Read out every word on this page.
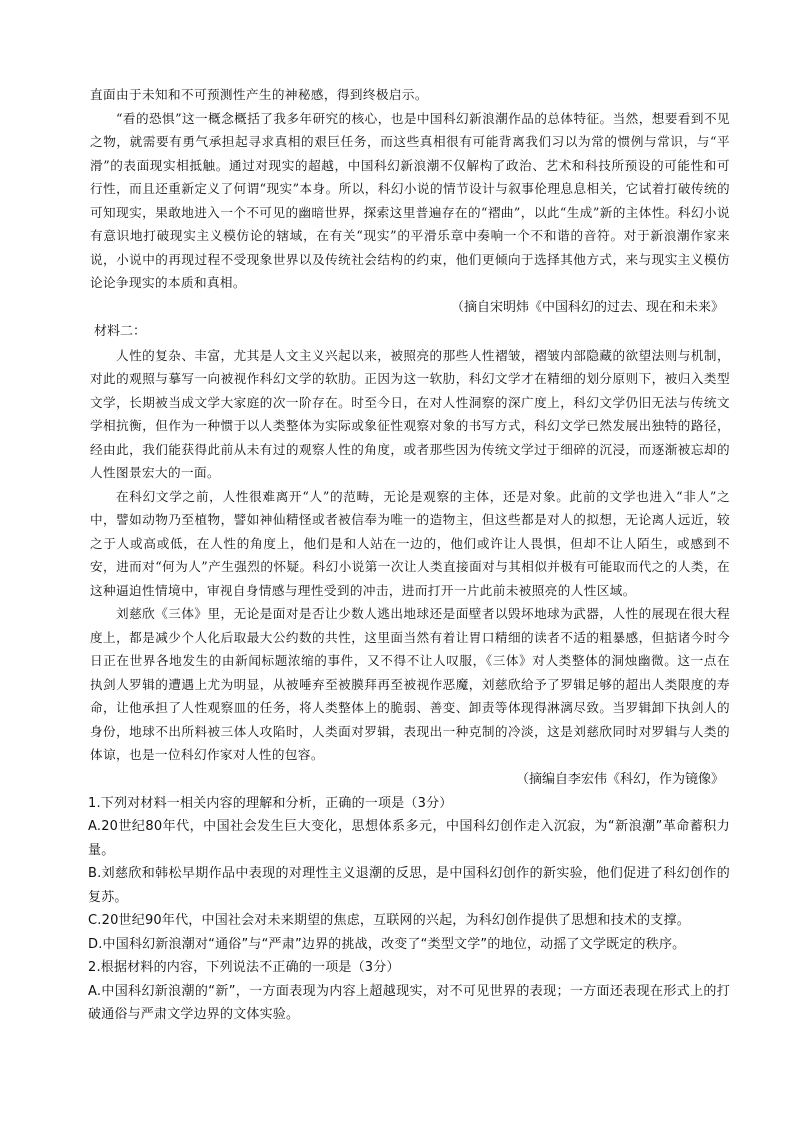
直面由于未知和不可预测性产生的神秘感，得到终极启示。

“看的恐惧”这一概念概括了我多年研究的核心，也是中国科幻新浪潮作品的总体特征。当然，想要看到不见之物，就需要有勇气承担起寻求真相的艰巨任务，而这些真相很有可能背离我们习以为常的惯例与常识，与“平滑”的表面现实相抵触。通过对现实的超越，中国科幻新浪潮不仅解构了政治、艺术和科技所预设的可能性和可行性，而且还重新定义了何谓“现实”本身。所以，科幻小说的情节设计与叙事伦理息息相关，它试着打破传统的可知现实，果敢地进入一个不可见的幽暗世界，探索这里普遍存在的“褶曲”，以此“生成”新的主体性。科幻小说有意识地打破现实主义模仿论的辖域，在有关“现实”的平滑乐章中奏响一个不和谐的音符。对于新浪潮作家来说，小说中的再现过程不受现象世界以及传统社会结构的约束，他们更倾向于选择其他方式，来与现实主义模仿论论争现实的本质和真相。

（摘自宋明炜《中国科幻的过去、现在和未来》

材料二：

人性的复杂、丰富，尤其是人文主义兴起以来，被照亮的那些人性褶皱，褶皱内部隐藏的欲望法则与机制，对此的观照与摹写一向被视作科幻文学的软肋。正因为这一软肋，科幻文学才在精细的划分原则下，被归入类型文学，长期被当成文学大家庭的次一阶存在。时至今日，在对人性洞察的深广度上，科幻文学仍旧无法与传统文学相抗衡，但作为一种惯于以人类整体为实际或象征性观察对象的书写方式，科幻文学已然发展出独特的路径，经由此，我们能获得此前从未有过的观察人性的角度，或者那些因为传统文学过于细碎的沉浸，而逐渐被忘却的人性图景宏大的一面。

在科幻文学之前，人性很难离开“人”的范畴，无论是观察的主体，还是对象。此前的文学也进入“非人”之中，譬如动物乃至植物，譬如神仙精怪或者被信奉为唯一的造物主，但这些都是对人的拟想，无论离人远近，较之于人或高或低，在人性的角度上，他们是和人站在一边的，他们或许让人畏惧，但却不让人陌生，或感到不安，进而对“何为人”产生强烈的怀疑。科幻小说第一次让人类直接面对与其相似并极有可能取而代之的人类，在这种逼迫性情境中，审视自身情感与理性受到的冲击，进而打开一片此前未被照亮的人性区域。

刘慈欣《三体》里，无论是面对是否让少数人逃出地球还是面壁者以毁坏地球为武器，人性的展现在很大程度上，都是减少个人化后取最大公约数的共性，这里面当然有着让胃口精细的读者不适的粗暴感，但掂诸今时今日正在世界各地发生的由新闻标题浓缩的事件，又不得不让人叹服，《三体》对人类整体的洞烛幽微。这一点在执剑人罗辑的遭遇上尤为明显，从被唾弃至被膜拜再至被视作恶魔，刘慈欣给予了罗辑足够的超出人类限度的寿命，让他承担了人性观察皿的任务，将人类整体上的脆弱、善变、卸责等体现得淋漓尽致。当罗辑卸下执剑人的身份，地球不出所料被三体人攻陷时，人类面对罗辑，表现出一种克制的冷淡，这是刘慈欣同时对罗辑与人类的体谅，也是一位科幻作家对人性的包容。

（摘编自李宏伟《科幻，作为镜像》

1.下列对材料一相关内容的理解和分析，正确的一项是（3分）

A.20世纪80年代，中国社会发生巨大变化，思想体系多元，中国科幻创作走入沉寂，为“新浪潮”革命蓄积力量。

B.刘慈欣和韩松早期作品中表现的对理性主义退潮的反思，是中国科幻创作的新实验，他们促进了科幻创作的复苏。

C.20世纪90年代，中国社会对未来期望的焦虑，互联网的兴起，为科幻创作提供了思想和技术的支撑。

D.中国科幻新浪潮对“通俗”与“严肃”边界的挑战，改变了“类型文学”的地位，动摇了文学既定的秩序。

2.根据材料的内容，下列说法不正确的一项是（3分）

A.中国科幻新浪潮的“新”，一方面表现为内容上超越现实，对不可见世界的表现；一方面还表现在形式上的打破通俗与严肃文学边界的文体实验。
